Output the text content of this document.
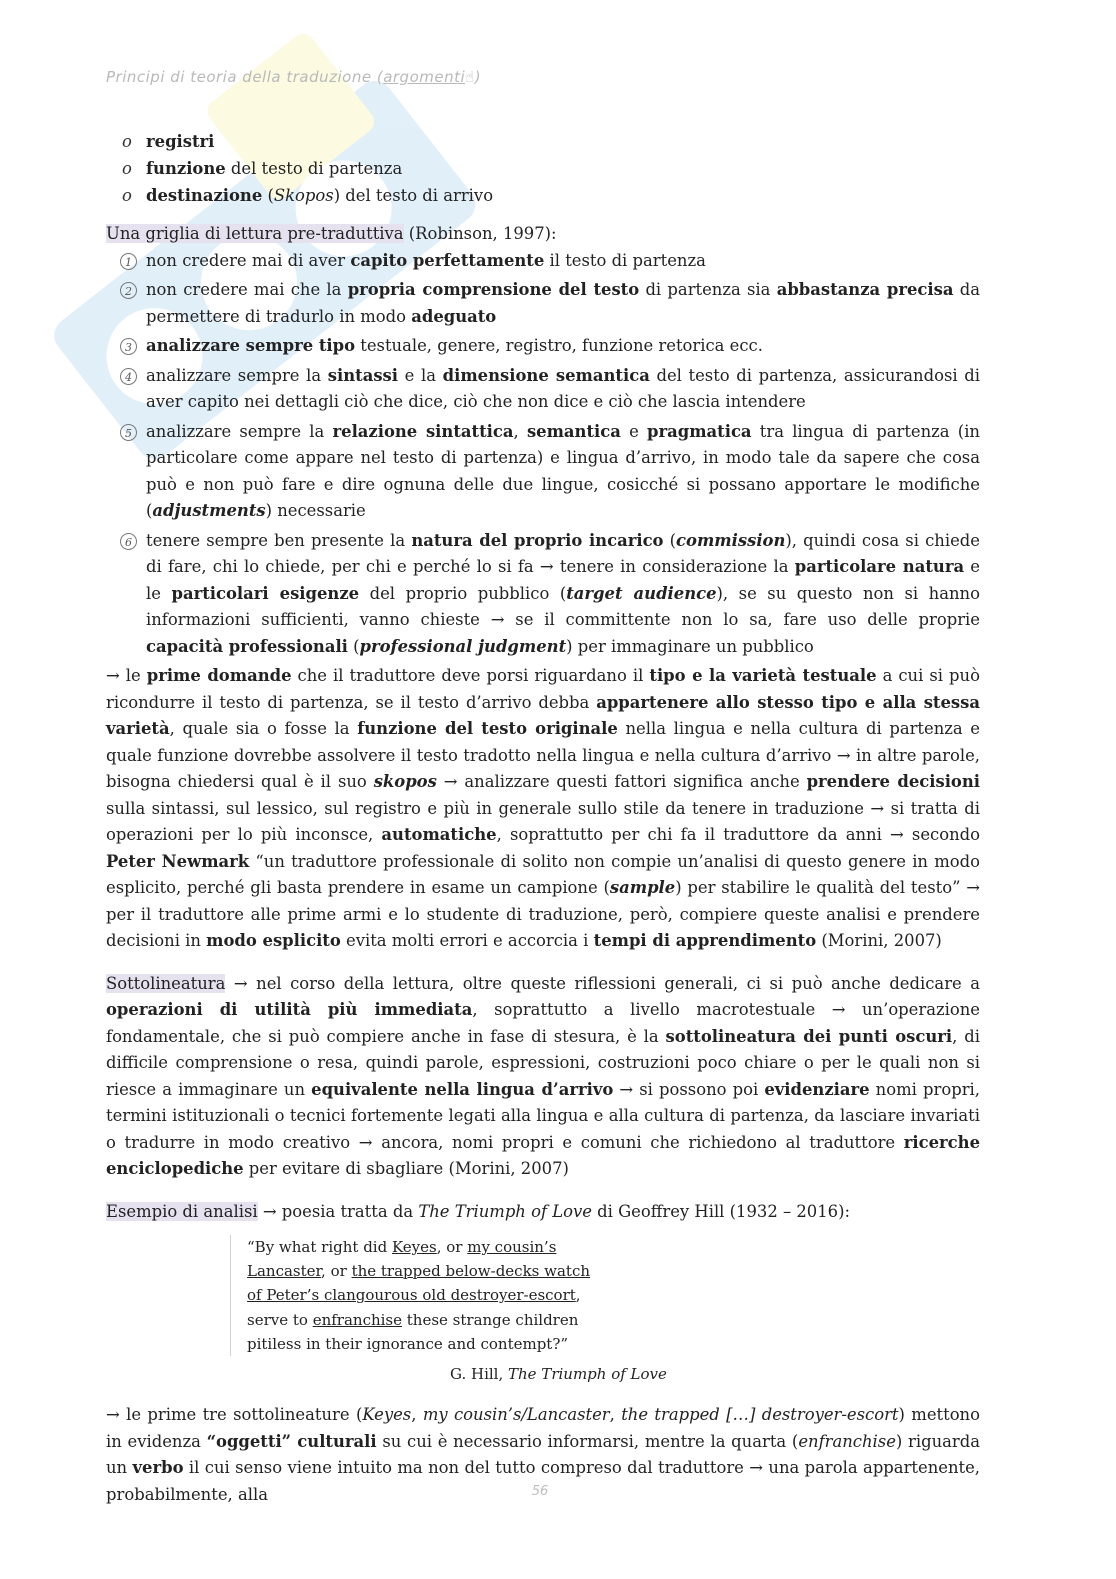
Principi di teoria della traduzione (argomenti☝)
o registri
o funzione del testo di partenza
o destinazione (Skopos) del testo di arrivo

Una griglia di lettura pre-traduttiva (Robinson, 1997):

1 non credere mai di aver capito perfettamente il testo di partenza
2 non credere mai che la propria comprensione del testo di partenza sia abbastanza precisa da permettere di tradurlo in modo adeguato
3 analizzare sempre tipo testuale, genere, registro, funzione retorica ecc.
4 analizzare sempre la sintassi e la dimensione semantica del testo di partenza, assicurandosi di aver capito nei dettagli ciò che dice, ciò che non dice e ciò che lascia intendere
5 analizzare sempre la relazione sintattica, semantica e pragmatica tra lingua di partenza (in particolare come appare nel testo di partenza) e lingua d’arrivo, in modo tale da sapere che cosa può e non può fare e dire ognuna delle due lingue, cosicché si possano apportare le modifiche (adjustments) necessarie
6 tenere sempre ben presente la natura del proprio incarico (commission), quindi cosa si chiede di fare, chi lo chiede, per chi e perché lo si fa → tenere in considerazione la particolare natura e le particolari esigenze del proprio pubblico (target audience), se su questo non si hanno informazioni sufficienti, vanno chieste → se il committente non lo sa, fare uso delle proprie capacità professionali (professional judgment) per immaginare un pubblico

→ le prime domande che il traduttore deve porsi riguardano il tipo e la varietà testuale a cui si può ricondurre il testo di partenza, se il testo d’arrivo debba appartenere allo stesso tipo e alla stessa varietà, quale sia o fosse la funzione del testo originale nella lingua e nella cultura di partenza e quale funzione dovrebbe assolvere il testo tradotto nella lingua e nella cultura d’arrivo → in altre parole, bisogna chiedersi qual è il suo skopos → analizzare questi fattori significa anche prendere decisioni sulla sintassi, sul lessico, sul registro e più in generale sullo stile da tenere in traduzione → si tratta di operazioni per lo più inconsce, automatiche, soprattutto per chi fa il traduttore da anni → secondo Peter Newmark “un traduttore professionale di solito non compie un’analisi di questo genere in modo esplicito, perché gli basta prendere in esame un campione (sample) per stabilire le qualità del testo” → per il traduttore alle prime armi e lo studente di traduzione, però, compiere queste analisi e prendere decisioni in modo esplicito evita molti errori e accorcia i tempi di apprendimento (Morini, 2007)

Sottolineatura → nel corso della lettura, oltre queste riflessioni generali, ci si può anche dedicare a operazioni di utilità più immediata, soprattutto a livello macrotestuale → un’operazione fondamentale, che si può compiere anche in fase di stesura, è la sottolineatura dei punti oscuri, di difficile comprensione o resa, quindi parole, espressioni, costruzioni poco chiare o per le quali non si riesce a immaginare un equivalente nella lingua d’arrivo → si possono poi evidenziare nomi propri, termini istituzionali o tecnici fortemente legati alla lingua e alla cultura di partenza, da lasciare invariati o tradurre in modo creativo → ancora, nomi propri e comuni che richiedono al traduttore ricerche enciclopediche per evitare di sbagliare (Morini, 2007)

Esempio di analisi → poesia tratta da The Triumph of Love di Geoffrey Hill (1932 – 2016):

“By what right did Keyes, or my cousin’s
Lancaster, or the trapped below-decks watch
of Peter’s clangourous old destroyer-escort,
serve to enfranchise these strange children
pitiless in their ignorance and contempt?”
G. Hill, The Triumph of Love

→ le prime tre sottolineature (Keyes, my cousin’s/Lancaster, the trapped […] destroyer-escort) mettono in evidenza “oggetti” culturali su cui è necessario informarsi, mentre la quarta (enfranchise) riguarda un verbo il cui senso viene intuito ma non del tutto compreso dal traduttore → una parola appartenente, probabilmente, alla	56
